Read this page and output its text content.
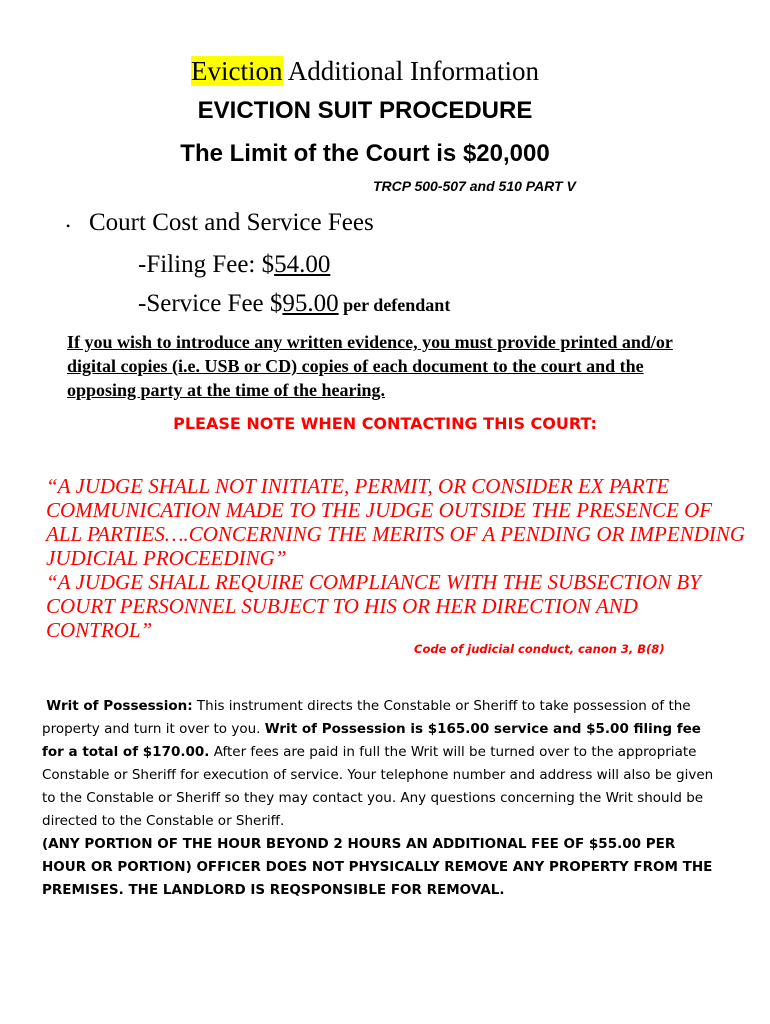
Eviction Additional Information
EVICTION SUIT PROCEDURE
The Limit of the Court is $20,000
TRCP 500-507 and 510 PART V
• Court Cost and Service Fees
-Filing Fee: $54.00
-Service Fee $95.00 per defendant
If you wish to introduce any written evidence, you must provide printed and/or digital copies (i.e. USB or CD) copies of each document to the court and the opposing party at the time of the hearing.
PLEASE NOTE WHEN CONTACTING THIS COURT:

“A JUDGE SHALL NOT INITIATE, PERMIT, OR CONSIDER EX PARTE COMMUNICATION MADE TO THE JUDGE OUTSIDE THE PRESENCE OF ALL PARTIES….CONCERNING THE MERITS OF A PENDING OR IMPENDING JUDICIAL PROCEEDING”

“A JUDGE SHALL REQUIRE COMPLIANCE WITH THE SUBSECTION BY COURT PERSONNEL SUBJECT TO HIS OR HER DIRECTION AND CONTROL”

Code of judicial conduct, canon 3, B(8)

Writ of Possession: This instrument directs the Constable or Sheriff to take possession of the property and turn it over to you. Writ of Possession is $165.00 service and $5.00 filing fee for a total of $170.00. After fees are paid in full the Writ will be turned over to the appropriate Constable or Sheriff for execution of service. Your telephone number and address will also be given to the Constable or Sheriff so they may contact you. Any questions concerning the Writ should be directed to the Constable or Sheriff.

(ANY PORTION OF THE HOUR BEYOND 2 HOURS AN ADDITIONAL FEE OF $55.00 PER HOUR OR PORTION) OFFICER DOES NOT PHYSICALLY REMOVE ANY PROPERTY FROM THE PREMISES. THE LANDLORD IS REQSPONSIBLE FOR REMOVAL.
